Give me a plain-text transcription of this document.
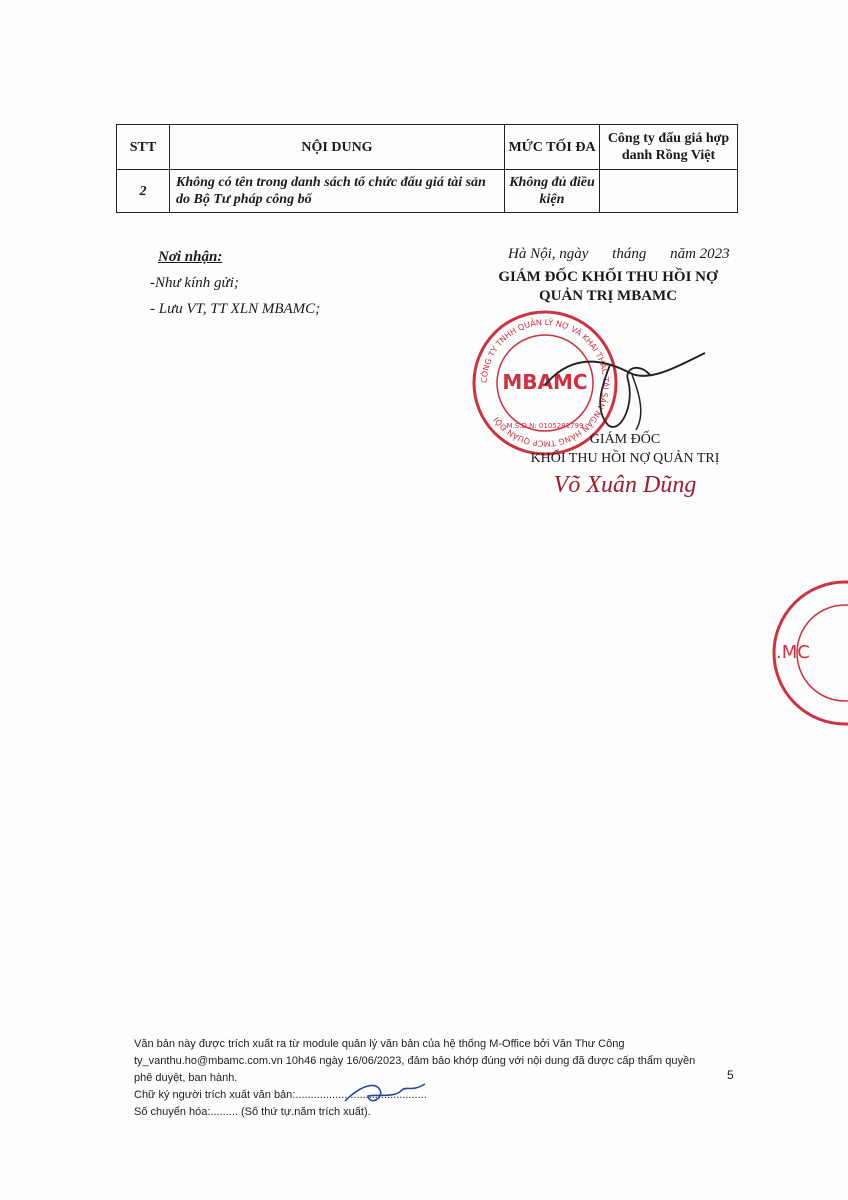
STT	NỘI DUNG	MỨC TỐI ĐA	Công ty đấu giá hợp danh Rồng Việt
2	Không có tên trong danh sách tổ chức đấu giá tài sản do Bộ Tư pháp công bố	Không đủ điều kiện	
Nơi nhận:
-Như kính gửi;
- Lưu VT, TT XLN MBAMC;
Hà Nội, ngày tháng năm 2023
GIÁM ĐỐC KHỐI THU HỒI NỢ QUẢN TRỊ MBAMC
CÔNG TY TNHH QUẢN LÝ NỢ VÀ KHAI THÁC TÀI SẢN NGÂN HÀNG TMCP QUÂN ĐỘI
MBAMC
M.S.D.N: 0105281799
GIÁM ĐỐC
KHỐI THU HỒI NỢ QUẢN TRỊ
Võ Xuân Dũng
.MC
Văn bản này được trích xuất ra từ module quản lý văn bản của hệ thống M-Office bởi Văn Thư Công
ty_vanthu.ho@mbamc.com.vn 10h46 ngày 16/06/2023, đảm bảo khớp đúng với nội dung đã được cấp thẩm quyền
phê duyệt, ban hành.
Chữ ký người trích xuất văn bản:...........................................
Số chuyển hóa:......... (Số thứ tự.năm trích xuất).
5
